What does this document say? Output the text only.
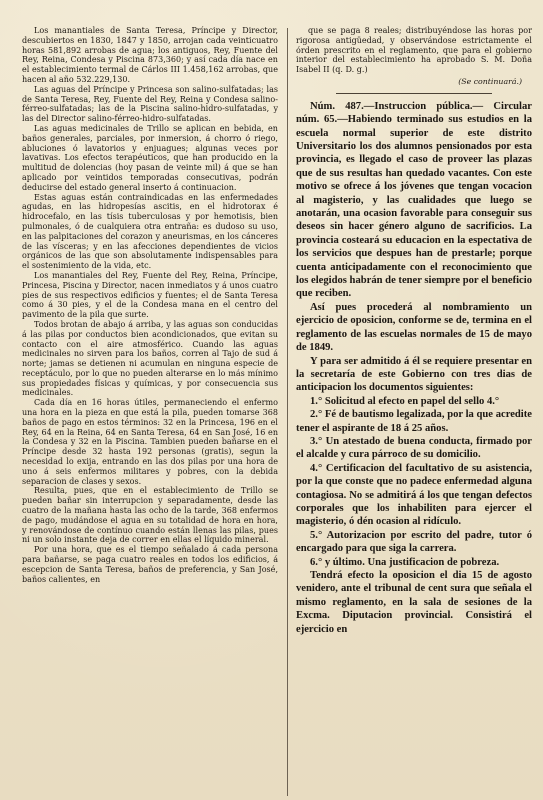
Los manantiales de Santa Teresa, Príncipe y Director, descubiertos en 1830, 1847 y 1850, arrojan cada veinticuatro horas 581,892 arrobas de agua; los antiguos, Rey, Fuente del Rey, Reina, Condesa y Piscina 873,360; y así cada día nace en el establecimiento termal de Cárlos III 1.458,162 arrobas, que hacen al año 532.229,130.

Las aguas del Príncipe y Princesa son salino-sulfatadas; las de Santa Teresa, Rey, Fuente del Rey, Reina y Condesa salino-férreo-sulfatadas; las de la Piscina salino-hidro-sulfatadas, y las del Director salino-férreo-hidro-sulfatadas.

Las aguas medicinales de Trillo se aplican en bebida, en baños generales, parciales, por inmersion, á chorro ó riego, abluciones ó lavatorios y enjuagues; algunas veces por lavativas. Los efectos terapéuticos, que han producido en la multitud de dolencias (hoy pasan de veinte mil) á que se han aplicado por veintidos temporadas consecutivas, podrán deducirse del estado general inserto á continuacion.

Estas aguas están contraindicadas en las enfermedades agudas, en las hidropesías ascitis, en el hidrotorax é hidrocefalo, en las tísis tuberculosas y por hemotisis, bien pulmonales, ó de cualquiera otra entraña: es dudoso su uso, en las palpitaciones del corazon y aneurismas, en los cánceres de las vísceras; y en las afecciones dependientes de vicios orgánicos de las que son absolutamente indispensables para el sostenimiento de la vida, etc.

Los manantiales del Rey, Fuente del Rey, Reina, Príncipe, Princesa, Piscina y Director, nacen inmediatos y á unos cuatro pies de sus respectivos edificios y fuentes; el de Santa Teresa como á 30 pies, y el de la Condesa mana en el centro del pavimento de la pila que surte.

Todos brotan de abajo á arriba, y las aguas son conducidas á las pilas por conductos bien acondicionados, que evitan su contacto con el aire atmosférico. Cuando las aguas medicinales no sirven para los baños, corren al Tajo de sud á norte; jamas se detienen ni acumulan en ninguna especie de receptáculo, por lo que no pueden alterarse en lo más mínimo sus propiedades físicas y químicas, y por consecuencia sus medicinales.

Cada día en 16 horas útiles, permaneciendo el enfermo una hora en la pieza en que está la pila, pueden tomarse 368 baños de pago en estos términos: 32 en la Princesa, 196 en el Rey, 64 en la Reina, 64 en Santa Teresa, 64 en San José, 16 en la Condesa y 32 en la Piscina. Tambien pueden bañarse en el Príncipe desde 32 hasta 192 personas (gratis), segun la necesidad lo exija, entrando en las dos pilas por una hora de uno á seis enfermos militares y pobres, con la debida separacion de clases y sexos.

Resulta, pues, que en el establecimiento de Trillo se pueden bañar sin interrupcion y separadamente, desde las cuatro de la mañana hasta las ocho de la tarde, 368 enfermos de pago, mudándose el agua en su totalidad de hora en hora, y renovándose de contínuo cuando están llenas las pilas, pues ni un solo instante deja de correr en ellas el líquido mineral.

Por una hora, que es el tiempo señalado á cada persona para bañarse, se paga cuatro reales en todos los edificios, á escepcion de Santa Teresa, baños de preferencia, y San José, baños calientes, en

que se paga 8 reales; distribuyéndose las horas por rigorosa antigüedad, y observándose estrictamente el órden prescrito en el reglamento, que para el gobierno interior del establecimiento ha aprobado S. M. Doña Isabel II (q. D. g.)

(Se continuará.)

Núm. 487.—Instruccion pública.— Circular núm. 65.—Habiendo terminado sus estudios en la escuela normal superior de este distrito Universitario los dos alumnos pensionados por esta provincia, es llegado el caso de proveer las plazas que de sus resultas han quedado vacantes. Con este motivo se ofrece á los jóvenes que tengan vocacion al magisterio, y las cualidades que luego se anotarán, una ocasion favorable para conseguir sus deseos sin hacer género alguno de sacrificios. La provincia costeará su educacion en la espectativa de los servicios que despues han de prestarle; porque cuenta anticipadamente con el reconocimiento que los elegidos habrán de tener siempre por el beneficio que reciben.

Así pues procederá al nombramiento un ejercicio de oposicion, conforme se de, termina en el reglamento de las escuelas normales de 15 de mayo de 1849.

Y para ser admitido á él se requiere presentar en la secretaría de este Gobierno con tres dias de anticipacion los documentos siguientes:

1.° Solicitud al efecto en papel del sello 4.°

2.° Fé de bautismo legalizada, por la que acredite tener el aspirante de 18 á 25 años.

3.° Un atestado de buena conducta, firmado por el alcalde y cura párroco de su domicilio.

4.° Certificacion del facultativo de su asistencia, por la que conste que no padece enfermedad alguna contagiosa. No se admitirá á los que tengan defectos corporales que los inhabiliten para ejercer el magisterio, ó dén ocasion al ridículo.

5.° Autorizacion por escrito del padre, tutor ó encargado para que siga la carrera.

6.° y último. Una justificacion de pobreza.

Tendrá efecto la oposicion el dia 15 de agosto venidero, ante el tribunal de cent sura que señala el mismo reglamento, en la sala de sesiones de la Excma. Diputacion provincial. Consistirá el ejercicio en
